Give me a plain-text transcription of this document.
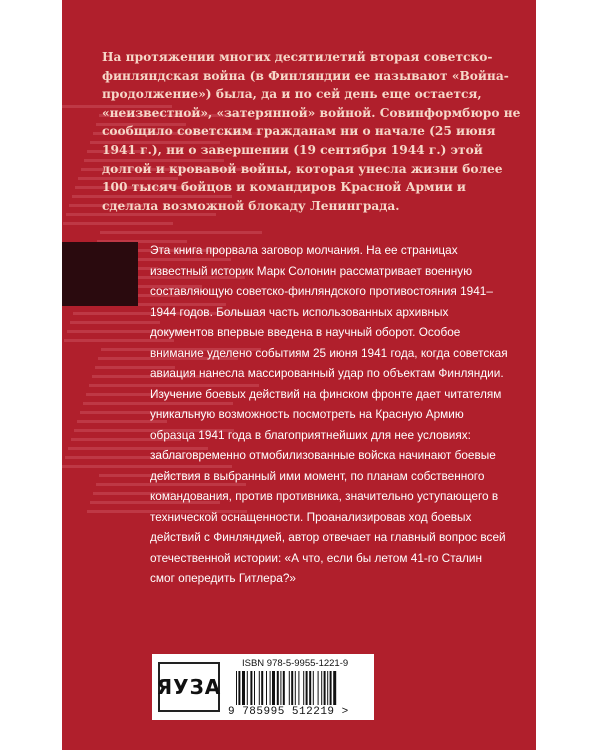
На протяжении многих десятилетий вторая советско-финляндская война (в Финляндии ее называют «Война-продолжение») была, да и по сей день еще остается, «неизвестной», «затерянной» войной. Совинформбюро не сообщило советским гражданам ни о начале (25 июня 1941 г.), ни о завершении (19 сентября 1944 г.) этой долгой и кровавой войны, которая унесла жизни более 100 тысяч бойцов и командиров Красной Армии и сделала возможной блокаду Ленинграда.

Эта книга прорвала заговор молчания. На ее страницах известный историк Марк Солонин рассматривает военную составляющую советско-финляндского противостояния 1941–1944 годов. Большая часть использованных архивных документов впервые введена в научный оборот. Особое внимание уделено событиям 25 июня 1941 года, когда советская авиация нанесла массированный удар по объектам Финляндии. Изучение боевых действий на финском фронте дает читателям уникальную возможность посмотреть на Красную Армию образца 1941 года в благоприятнейших для нее условиях: заблаговременно отмобилизованные войска начинают боевые действия в выбранный ими момент, по планам собственного командования, против противника, значительно уступающего в технической оснащенности. Проанализировав ход боевых действий с Финляндией, автор отвечает на главный вопрос всей отечественной истории: «А что, если бы летом 41-го Сталин смог опередить Гитлера?»

ЯУЗА
ISBN 978-5-9955-1221-9
9 785995 512219 >
